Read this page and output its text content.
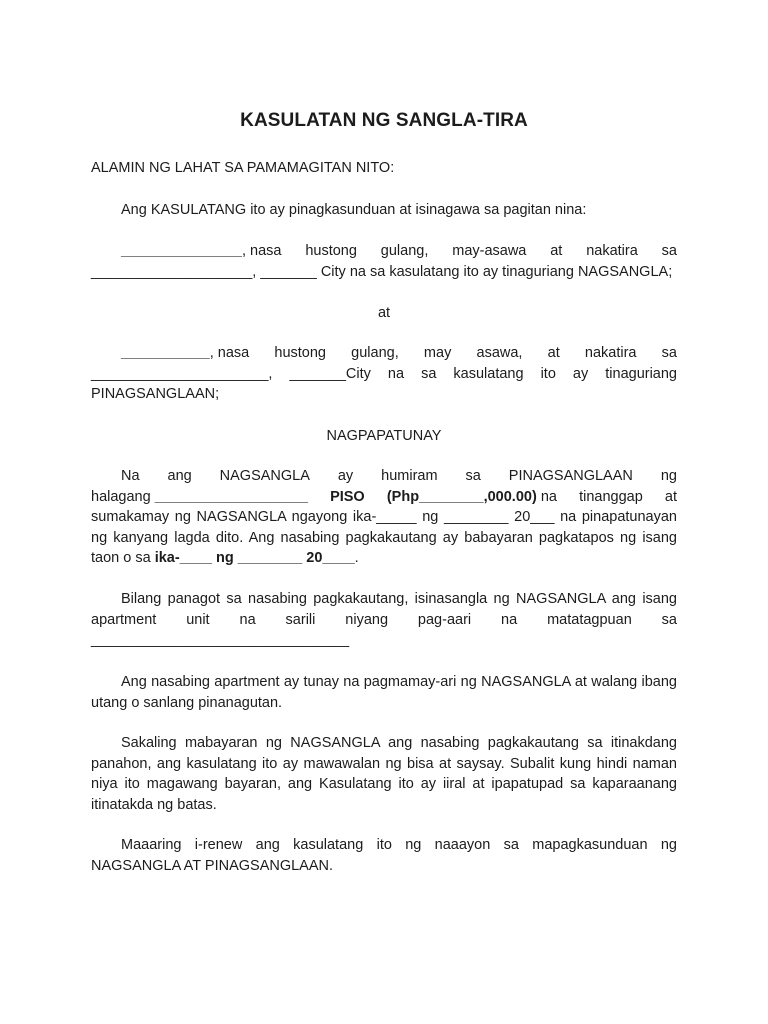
KASULATAN NG SANGLA-TIRA
ALAMIN NG LAHAT SA PAMAMAGITAN NITO:
Ang KASULATANG ito ay pinagkasunduan at isinagawa sa pagitan nina:
_______________, nasa hustong gulang, may-asawa at nakatira sa
____________________, _______ City na sa kasulatang ito ay tinaguriang NAGSANGLA;
at
___________, nasa hustong gulang, may asawa, at nakatira sa
______________________, _______City na sa kasulatang ito ay tinaguriang
PINAGSANGLAAN;
NAGPAPATUNAY
Na ang NAGSANGLA ay humiram sa PINAGSANGLAAN ng
halagang ___________________ PISO (Php________,000.00) na tinanggap at
sumakamay ng NAGSANGLA ngayong ika-_____ ng ________ 20___ na pinapatunayan ng kanyang lagda dito. Ang nasabing pagkakautang ay babayaran pagkatapos ng isang taon o sa ika-____ ng ________ 20____.
Bilang panagot sa nasabing pagkakautang, isinasangla ng NAGSANGLA ang isang apartment unit na sarili niyang pag-aari na matatagpuan sa
________________________________
Ang nasabing apartment ay tunay na pagmamay-ari ng NAGSANGLA at walang ibang utang o sanlang pinanagutan.
Sakaling mabayaran ng NAGSANGLA ang nasabing pagkakautang sa itinakdang panahon, ang kasulatang ito ay mawawalan ng bisa at saysay. Subalit kung hindi naman niya ito magawang bayaran, ang Kasulatang ito ay iiral at ipapatupad sa kaparaanang itinatakda ng batas.
Maaaring i-renew ang kasulatang ito ng naaayon sa mapagkasunduan ng NAGSANGLA AT PINAGSANGLAAN.
